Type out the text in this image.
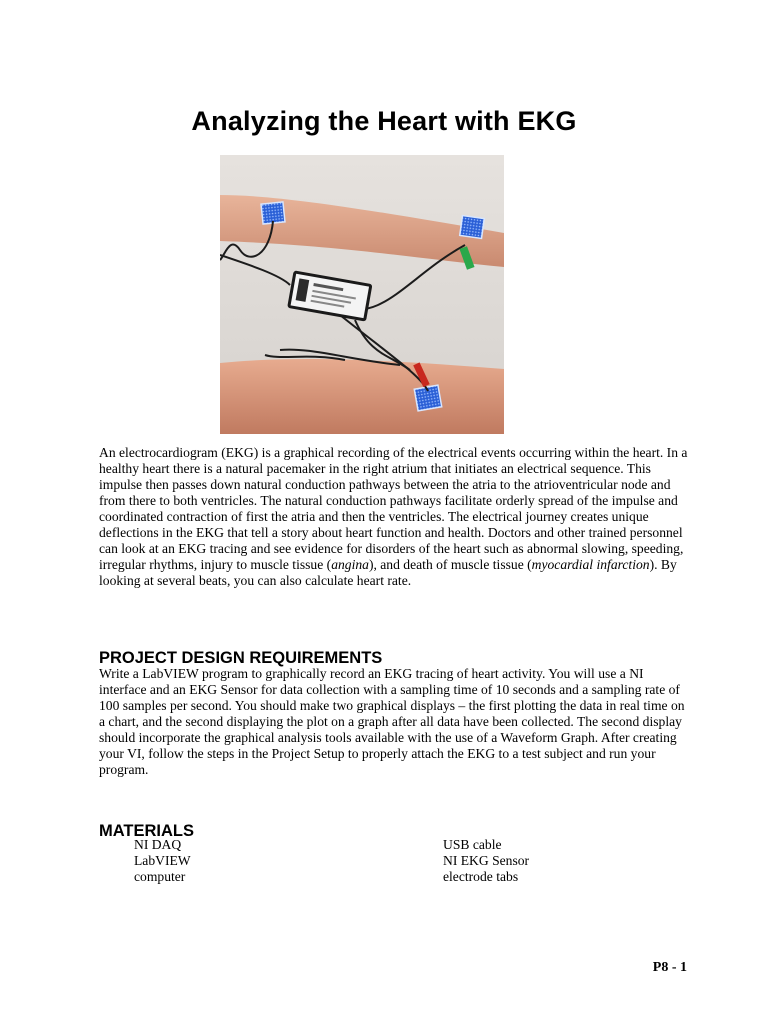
Analyzing the Heart with EKG

An electrocardiogram (EKG) is a graphical recording of the electrical events occurring within the heart. In a healthy heart there is a natural pacemaker in the right atrium that initiates an electrical sequence. This impulse then passes down natural conduction pathways between the atria to the atrioventricular node and from there to both ventricles. The natural conduction pathways facilitate orderly spread of the impulse and coordinated contraction of first the atria and then the ventricles. The electrical journey creates unique deflections in the EKG that tell a story about heart function and health. Doctors and other trained personnel can look at an EKG tracing and see evidence for disorders of the heart such as abnormal slowing, speeding, irregular rhythms, injury to muscle tissue (angina), and death of muscle tissue (myocardial infarction). By looking at several beats, you can also calculate heart rate.

PROJECT DESIGN REQUIREMENTS

Write a LabVIEW program to graphically record an EKG tracing of heart activity. You will use a NI interface and an EKG Sensor for data collection with a sampling time of 10 seconds and a sampling rate of 100 samples per second. You should make two graphical displays – the first plotting the data in real time on a chart, and the second displaying the plot on a graph after all data have been collected. The second display should incorporate the graphical analysis tools available with the use of a Waveform Graph. After creating your VI, follow the steps in the Project Setup to properly attach the EKG to a test subject and run your program.

MATERIALS
NI DAQ
LabVIEW
computer
USB cable
NI EKG Sensor
electrode tabs
P8 - 1
